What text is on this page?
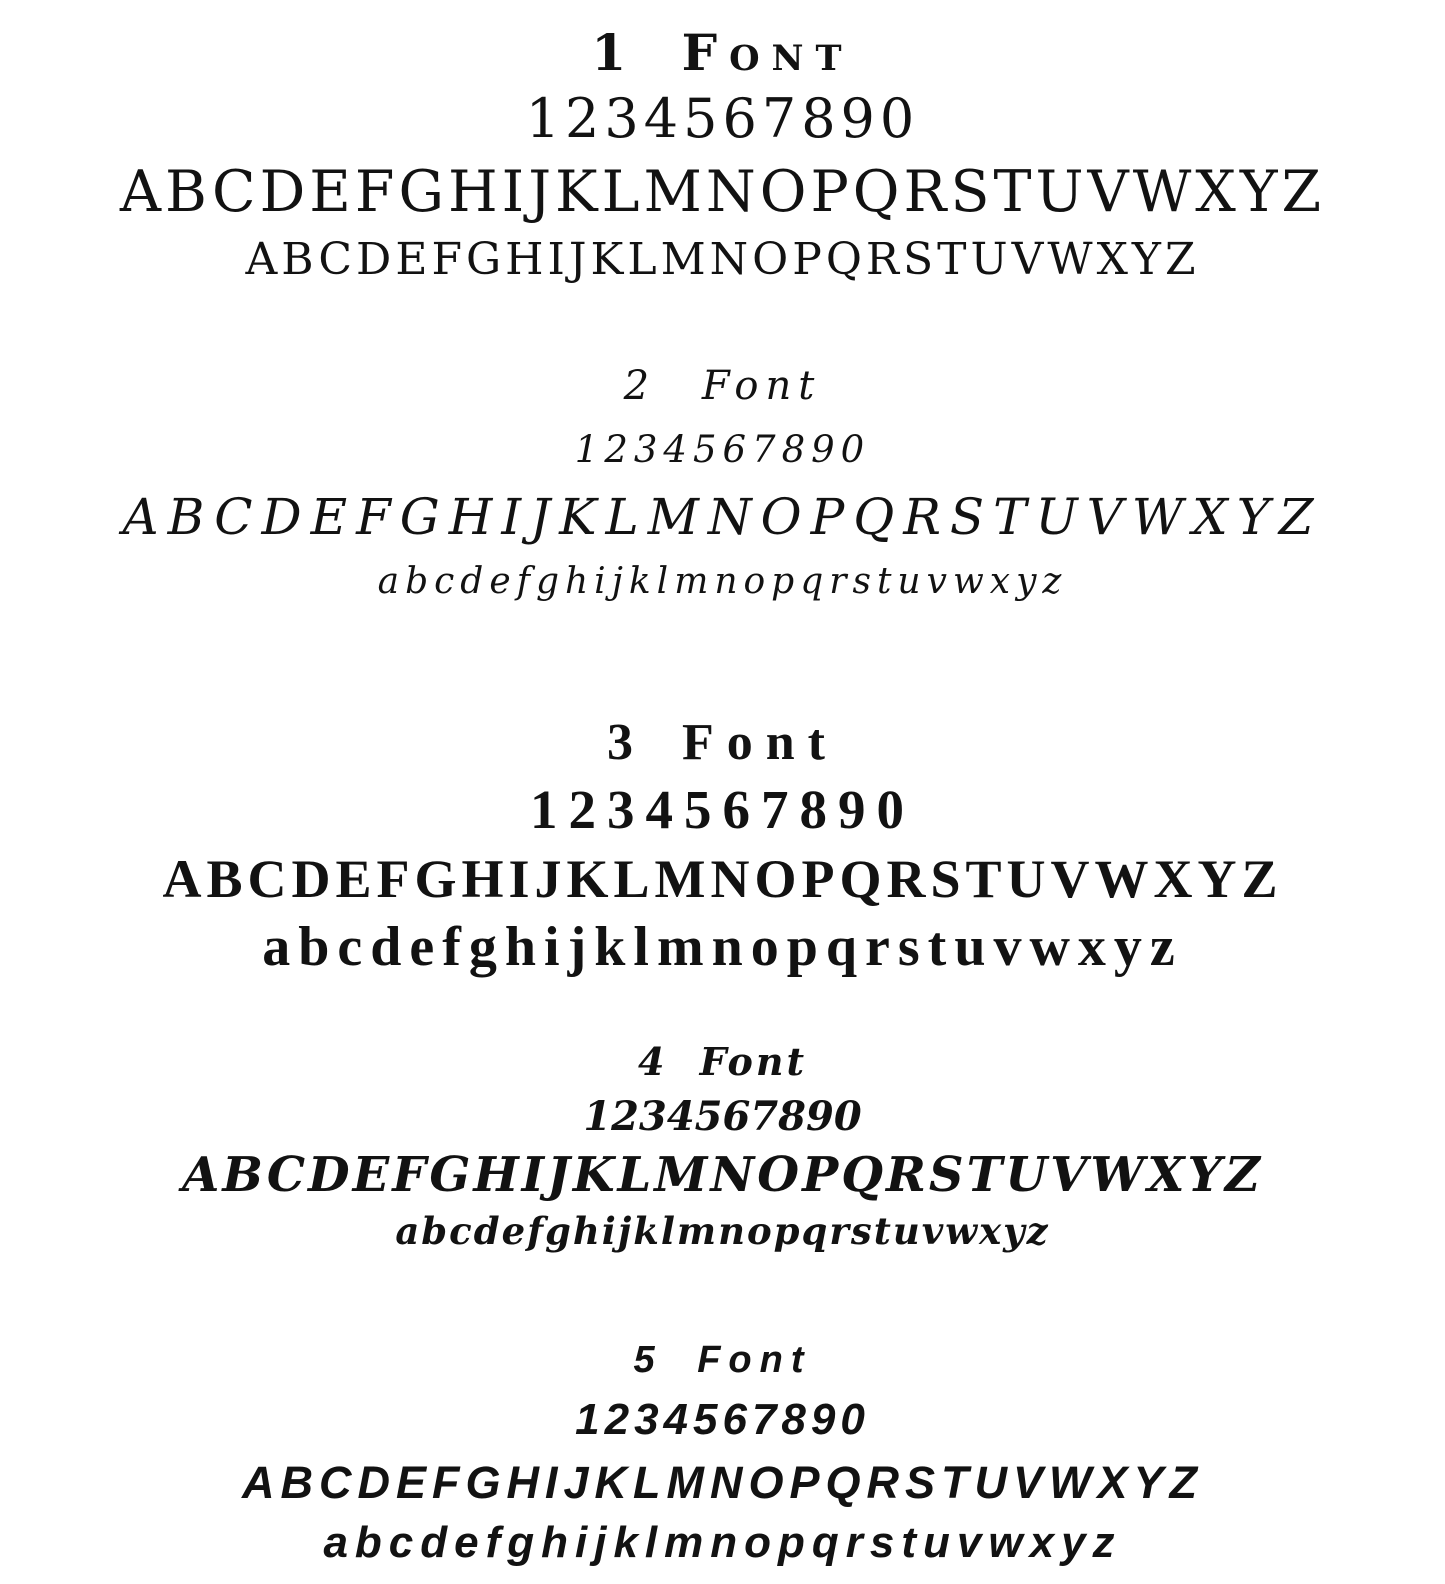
1 Font
1234567890
ABCDEFGHIJKLMNOPQRSTUVWXYZ
ABCDEFGHIJKLMNOPQRSTUVWXYZ
2 Font
1234567890
ABCDEFGHIJKLMNOPQRSTUVWXYZ
abcdefghijklmnopqrstuvwxyz
3 Font
1234567890
ABCDEFGHIJKLMNOPQRSTUVWXYZ
abcdefghijklmnopqrstuvwxyz
4 Font
1234567890
ABCDEFGHIJKLMNOPQRSTUVWXYZ
abcdefghijklmnopqrstuvwxyz
5 Font
1234567890
ABCDEFGHIJKLMNOPQRSTUVWXYZ
abcdefghijklmnopqrstuvwxyz
